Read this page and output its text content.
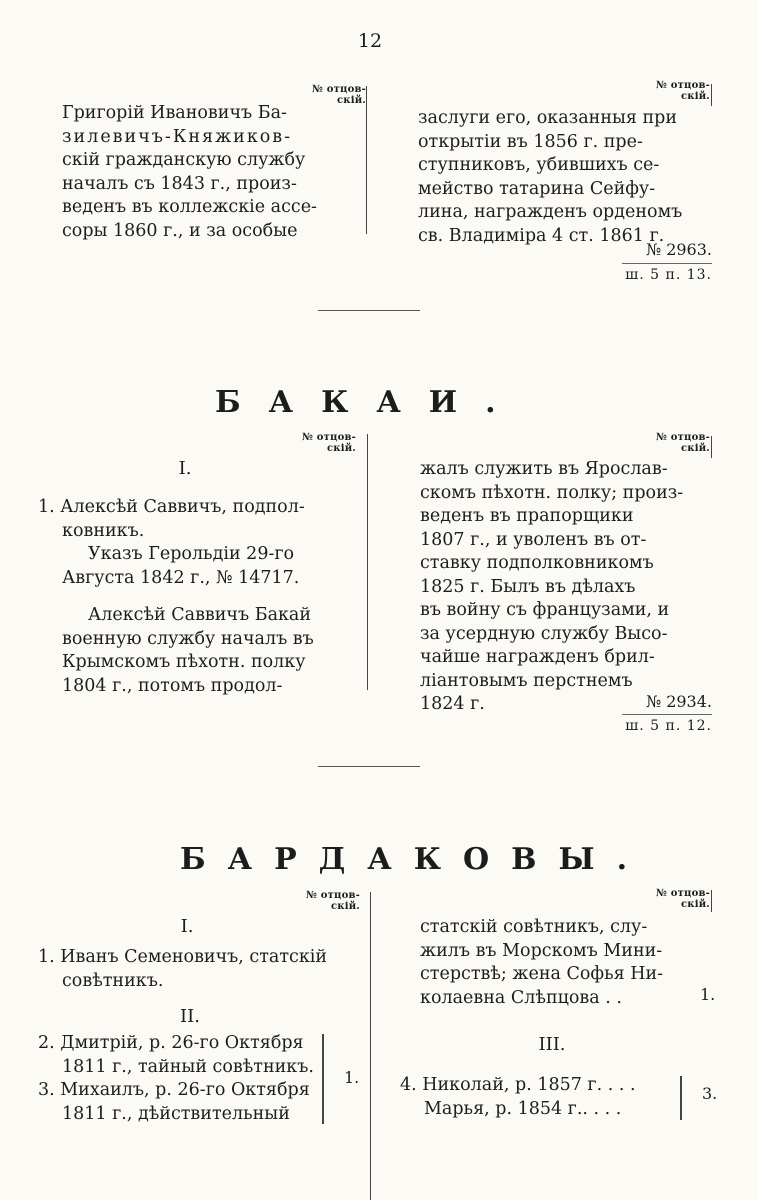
12
№ отцов-
скій.
№ отцов-
скій.
Григорій Ивановичъ Ба-
зилевичъ-Княжиков-
скій гражданскую службу
началъ съ 1843 г., произ-
веденъ въ коллежскіе ассе-
соры 1860 г., и за особые
заслуги его, оказанныя при
открытіи въ 1856 г. пре-
ступниковъ, убившихъ се-
мейство татарина Сейфу-
лина, награжденъ орденомъ
св. Владиміра 4 ст. 1861 г.
№ 2963.
ш. 5 п. 13.
БАКАИ.
№ отцов-
скій.
№ отцов-
скій.
I.
1. Алексѣй Саввичъ, подпол-
ковникъ.
Указъ Герольдіи 29-го
Августа 1842 г., № 14717.
Алексѣй Саввичъ Бакай
военную службу началъ въ
Крымскомъ пѣхотн. полку
1804 г., потомъ продол-
жалъ служить въ Ярослав-
скомъ пѣхотн. полку; произ-
веденъ въ прапорщики
1807 г., и уволенъ въ от-
ставку подполковникомъ
1825 г. Былъ въ дѣлахъ
въ войну съ французами, и
за усердную службу Высо-
чайше награжденъ брил-
ліантовымъ перстнемъ
1824 г.	№ 2934.
ш. 5 п. 12.
БАРДАКОВЫ.
№ отцов-
скій.
№ отцов-
скій.
I.
1. Иванъ Семеновичъ, статскій
совѣтникъ.
II.
2. Дмитрій, р. 26-го Октября
1811 г., тайный совѣтникъ.
3. Михаилъ, р. 26-го Октября
1811 г., дѣйствительный
1.
статскій совѣтникъ, слу-
жилъ въ Морскомъ Мини-
стерствѣ; жена Софья Ни-
колаевна Слѣпцова . .	1.
III.
4. Николай, р. 1857 г. . . .
Марья, р. 1854 г.. . . .
3.
